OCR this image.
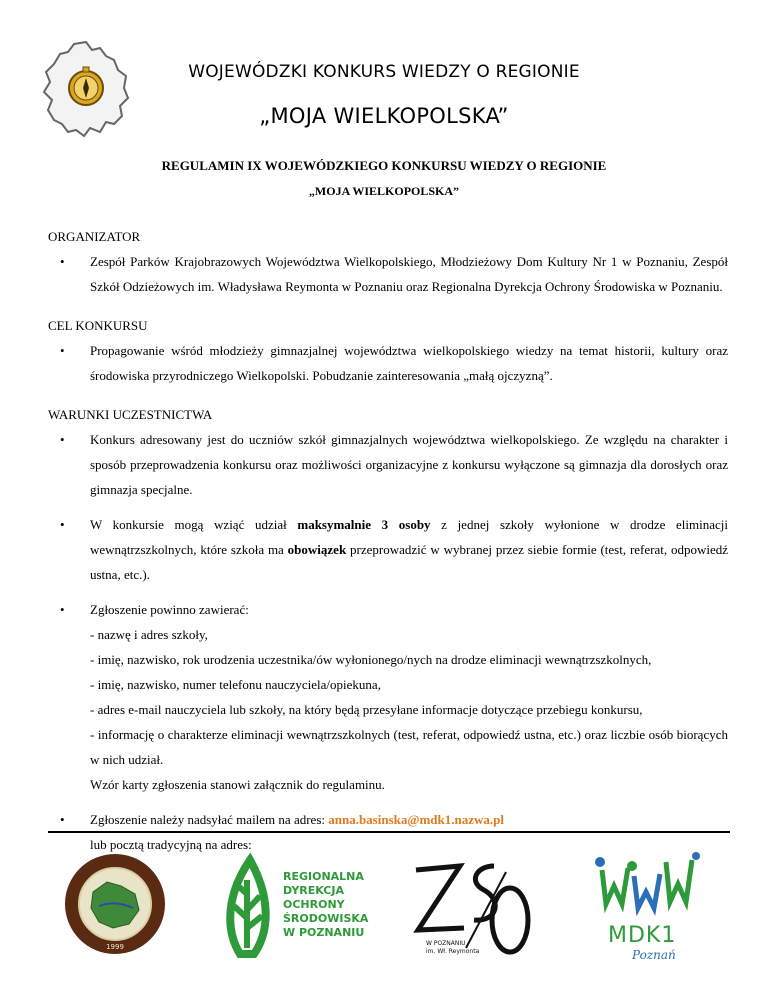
WOJEWÓDZKI KONKURS WIEDZY O REGIONIE
„MOJA WIELKOPOLSKA”
REGULAMIN IX WOJEWÓDZKIEGO KONKURSU WIEDZY O REGIONIE
„MOJA WIELKOPOLSKA”

ORGANIZATOR

• Zespół Parków Krajobrazowych Województwa Wielkopolskiego, Młodzieżowy Dom Kultury Nr 1 w Poznaniu, Zespół Szkół Odzieżowych im. Władysława Reymonta w Poznaniu oraz Regionalna Dyrekcja Ochrony Środowiska w Poznaniu.

CEL KONKURSU

• Propagowanie wśród młodzieży gimnazjalnej województwa wielkopolskiego wiedzy na temat historii, kultury oraz środowiska przyrodniczego Wielkopolski. Pobudzanie zainteresowania „małą ojczyzną”.

WARUNKI UCZESTNICTWA

• Konkurs adresowany jest do uczniów szkół gimnazjalnych województwa wielkopolskiego. Ze względu na charakter i sposób przeprowadzenia konkursu oraz możliwości organizacyjne z konkursu wyłączone są gimnazja dla dorosłych oraz gimnazja specjalne.
• W konkursie mogą wziąć udział maksymalnie 3 osoby z jednej szkoły wyłonione w drodze eliminacji wewnątrzszkolnych, które szkoła ma obowiązek przeprowadzić w wybranej przez siebie formie (test, referat, odpowiedź ustna, etc.).
• Zgłoszenie powinno zawierać:
- nazwę i adres szkoły,
- imię, nazwisko, rok urodzenia uczestnika/ów wyłonionego/nych na drodze eliminacji wewnątrzszkolnych,
- imię, nazwisko, numer telefonu nauczyciela/opiekuna,
- adres e-mail nauczyciela lub szkoły, na który będą przesyłane informacje dotyczące przebiegu konkursu,
- informację o charakterze eliminacji wewnątrzszkolnych (test, referat, odpowiedź ustna, etc.) oraz liczbie osób biorących w nich udział.
Wzór karty zgłoszenia stanowi załącznik do regulaminu.
• Zgłoszenie należy nadsyłać mailem na adres: anna.basinska@mdk1.nazwa.pl
lub pocztą tradycyjną na adres:
1999
REGIONALNA
DYREKCJA
OCHRONY
ŚRODOWISKA
W POZNANIU
W POZNANIU
im. Wł. Reymonta
MDK1
Poznań
